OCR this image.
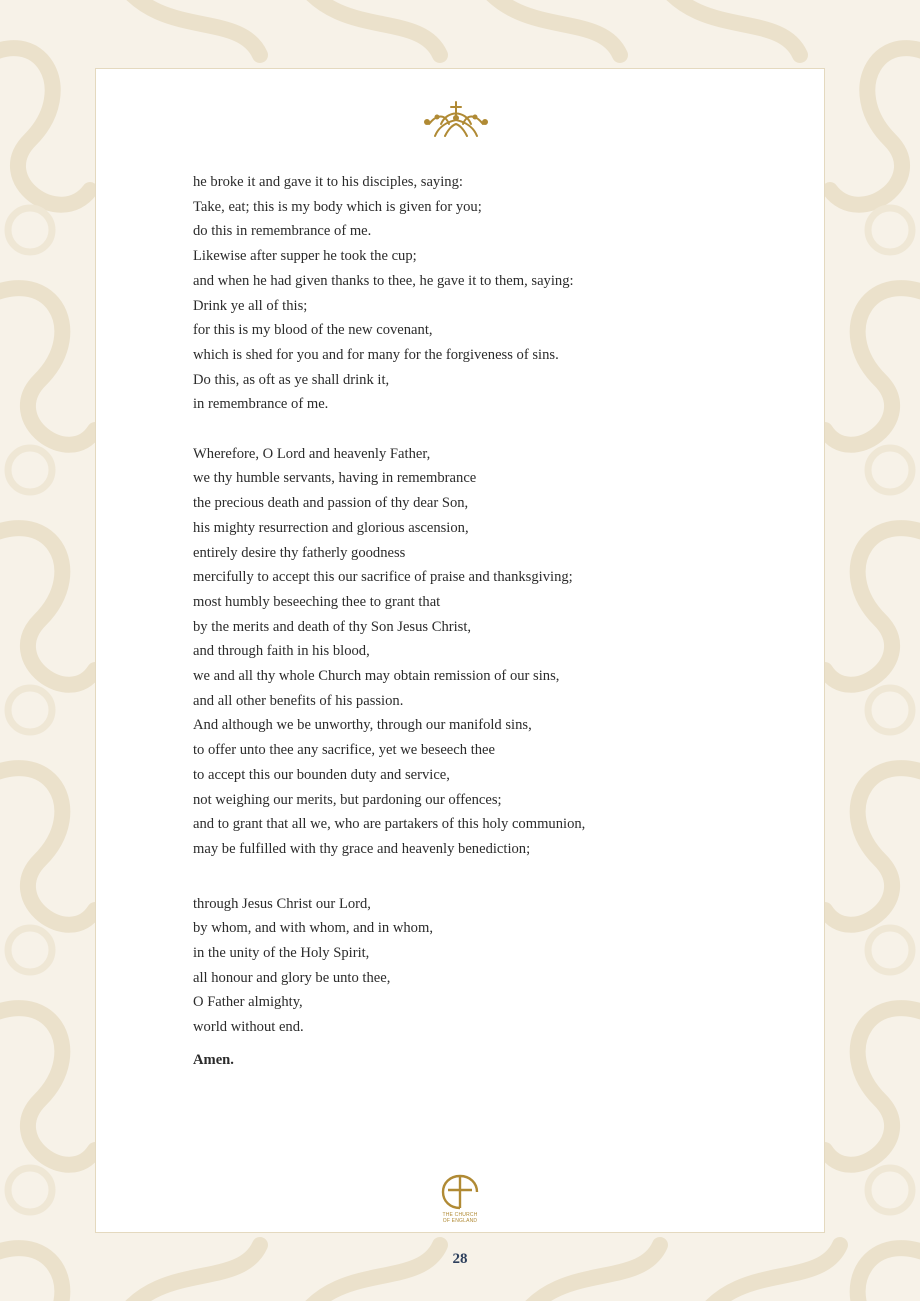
he broke it and gave it to his disciples, saying:
Take, eat; this is my body which is given for you;
do this in remembrance of me.
Likewise after supper he took the cup;
and when he had given thanks to thee, he gave it to them, saying:
Drink ye all of this;
for this is my blood of the new covenant,
which is shed for you and for many for the forgiveness of sins.
Do this, as oft as ye shall drink it,
in remembrance of me.
Wherefore, O Lord and heavenly Father,
we thy humble servants, having in remembrance
the precious death and passion of thy dear Son,
his mighty resurrection and glorious ascension,
entirely desire thy fatherly goodness
mercifully to accept this our sacrifice of praise and thanksgiving;
most humbly beseeching thee to grant that
by the merits and death of thy Son Jesus Christ,
and through faith in his blood,
we and all thy whole Church may obtain remission of our sins,
and all other benefits of his passion.
And although we be unworthy, through our manifold sins,
to offer unto thee any sacrifice, yet we beseech thee
to accept this our bounden duty and service,
not weighing our merits, but pardoning our offences;
and to grant that all we, who are partakers of this holy communion,
may be fulfilled with thy grace and heavenly benediction;
through Jesus Christ our Lord,
by whom, and with whom, and in whom,
in the unity of the Holy Spirit,
all honour and glory be unto thee,
O Father almighty,
world without end.
Amen.
THE CHURCH
OF ENGLAND
28
